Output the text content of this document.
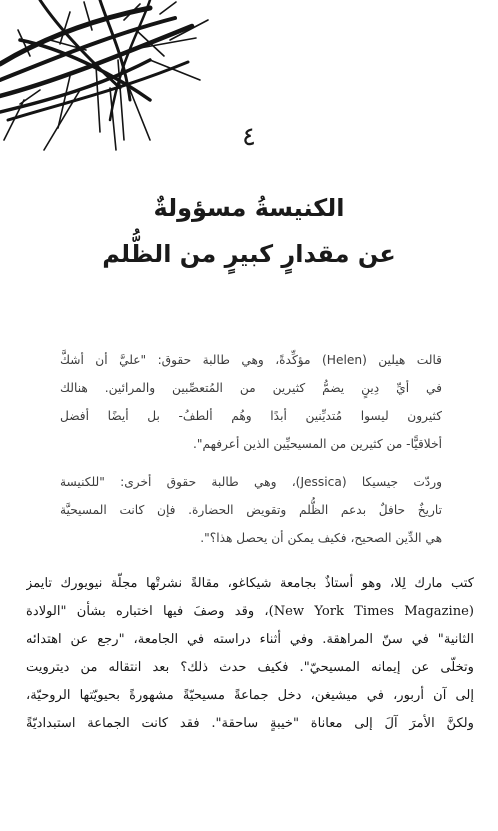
٤
الكنيسةُ مسؤولةٌ
عن مقدارٍ كبيرٍ من الظُّلم
قالت هيلين (Helen) مؤكِّدةً، وهي طالبة حقوق: "عليَّ أن أشكَّ
في أيِّ دِينٍ يضمُّ كثيرين من المُتعصِّبين والمرائين. هنالك
كثيرون ليسوا مُتديِّنين أبدًا وهُم ألطفُ- بل أيضًا أفضل
أخلاقيًّا- من كثيرين من المسيحيِّين الذين أعرفهم".
وردّت جيسيكا (Jessica)، وهي طالبة حقوق أخرى: "للكنيسة
تاريخٌ حافلٌ بدعم الظُّلم وتقويض الحضارة. فإن كانت المسيحيَّة
هي الدِّين الصحيح، فكيف يمكن أن يحصل هذا؟".
كتب مارك لِلا، وهو أستاذٌ بجامعة شيكاغو، مقالةً نشرتْها مجلّة نيويورك تايمز
(New York Times Magazine)، وقد وصفَ فيها اختباره بشأن "الولادة
الثانية" في سنّ المراهقة. وفي أثناء دراسته في الجامعة، "رجع عن اهتدائه
وتخلّى عن إيمانه المسيحيّ". فكيف حدث ذلك؟ بعد انتقاله من ديترويت
إلى آن أربور، في ميشيغن، دخل جماعةً مسيحيّةً مشهورةً بحيويّتها الروحيّة،
ولكنَّ الأمرَ آلَ إلى معاناة "خيبةٍ ساحقة". فقد كانت الجماعة استبداديّةً
